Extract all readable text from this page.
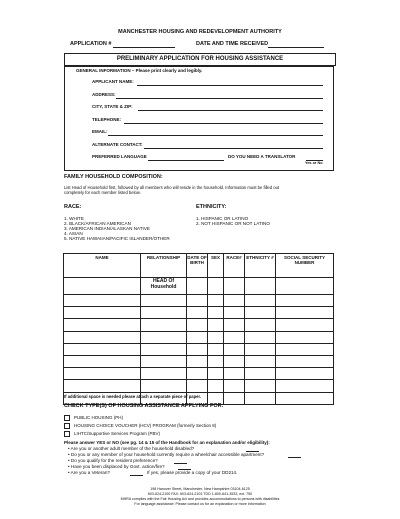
MANCHESTER HOUSING AND REDEVELOPMENT AUTHORITY
APPLICATION #	DATE AND TIME RECEIVED
PRELIMINARY APPLICATION FOR HOUSING ASSISTANCE
GENERAL INFORMATION – Please print clearly and legibly.
APPLICANT NAME:
ADDRESS:
CITY, STATE & ZIP:
TELEPHONE:
EMAIL:
ALTERNATE CONTACT:
PREFERRED LANGUAGE	DO YOU NEED A TRANSLATOR
Yes or No
FAMILY HOUSEHOLD COMPOSITION:
List Head of Household first, followed by all members who will reside in the household. Information must be filled out
completely for each member listed below.
RACE:
1. WHITE
2. BLACK/AFRICAN AMERICAN
3. AMERICAN INDIAN/ALASKAN NATIVE
4. ASIAN
5. NATIVE HAWAIIAN/PACIFIC ISLANDER/OTHER
ETHNICITY:
1. HISPANIC OR LATINO
2. NOT HISPANIC OR NOT LATINO
NAME	RELATIONSHIP	DATE OF BIRTH	SEX	RACE#	ETHNICITY #	SOCIAL SECURITY NUMBER
	HEAD Of Household					

If additional space is needed please attach a separate piece of paper.
CHECK TYPE(S) OF HOUSING ASSISTANCE APPLYING FOR:
PUBLIC HOUSING (PH)
HOUSING CHOICE VOUCHER (HCV) PROGRAM (formerly Section 8)
LIHTC/Supportive Services Program (PBV)
Please answer YES or NO (see pg. 14 & 15 of the Handbook for an explanation and/or eligibility):
• Are you or another adult member of the household disabled?
• Do you or any member of your household currently require a wheelchair accessible apartment?
• Do you qualify for the resident preference?
• Have you been displaced by Govt. action/fire?
• Are you a Veteran?	If yes, please provide a copy of your DD214.
198 Hanover Street, Manchester, New Hampshire 03104-6125
603-624-2100 FAX: 603-624-2103 TDD 1-800-641-3533, ext. 750
MHRA complies with the Fair Housing Act and provides accommodations to persons with disabilities
For language assistance: Please contact us for an explanation or more information
